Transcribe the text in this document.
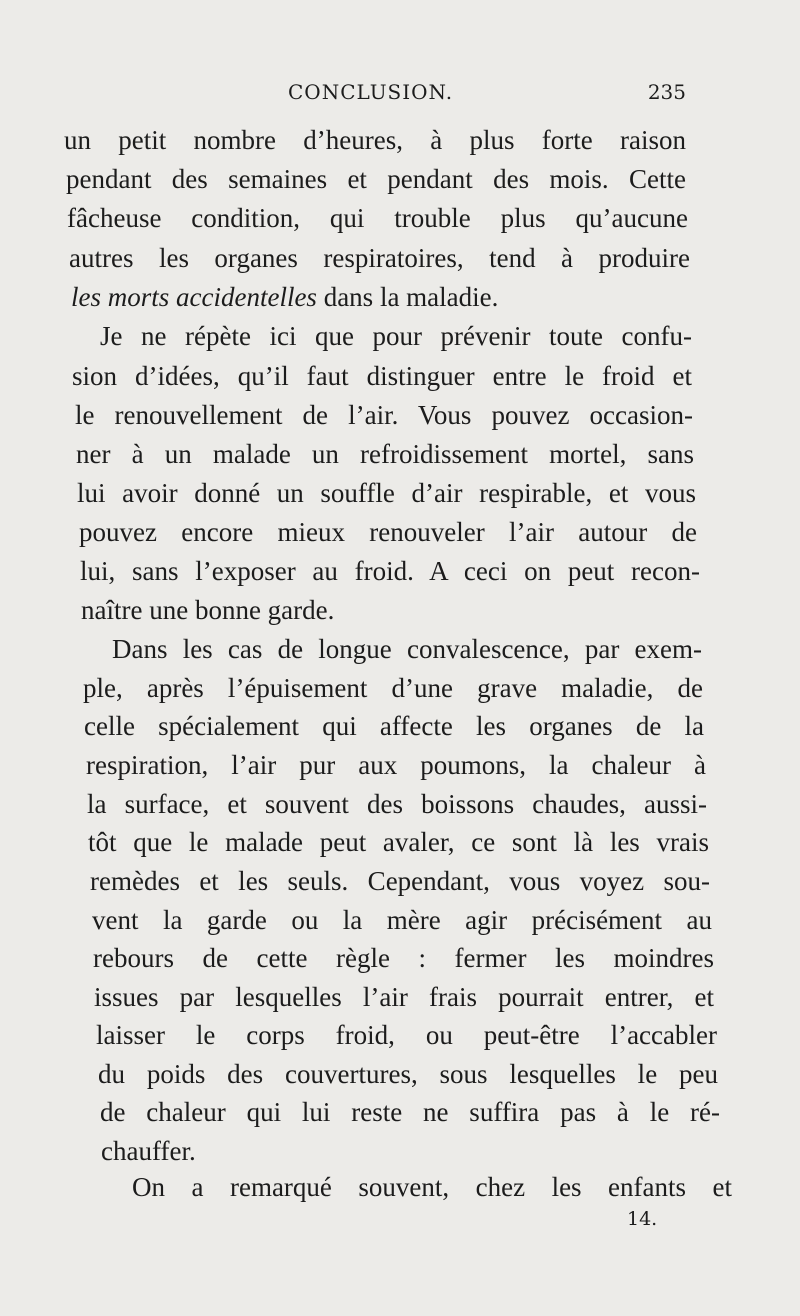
CONCLUSION.	235
un petit nombre d’heures, à plus forte raison
pendant des semaines et pendant des mois. Cette
fâcheuse condition, qui trouble plus qu’aucune
autres les organes respiratoires, tend à produire
les morts accidentelles dans la maladie.
Je ne répète ici que pour prévenir toute confu-
sion d’idées, qu’il faut distinguer entre le froid et
le renouvellement de l’air. Vous pouvez occasion-
ner à un malade un refroidissement mortel, sans
lui avoir donné un souffle d’air respirable, et vous
pouvez encore mieux renouveler l’air autour de
lui, sans l’exposer au froid. A ceci on peut recon-
naître une bonne garde.
Dans les cas de longue convalescence, par exem-
ple, après l’épuisement d’une grave maladie, de
celle spécialement qui affecte les organes de la
respiration, l’air pur aux poumons, la chaleur à
la surface, et souvent des boissons chaudes, aussi-
tôt que le malade peut avaler, ce sont là les vrais
remèdes et les seuls. Cependant, vous voyez sou-
vent la garde ou la mère agir précisément au
rebours de cette règle : fermer les moindres
issues par lesquelles l’air frais pourrait entrer, et
laisser le corps froid, ou peut-être l’accabler
du poids des couvertures, sous lesquelles le peu
de chaleur qui lui reste ne suffira pas à le ré-
chauffer.
On a remarqué souvent, chez les enfants et
14.
